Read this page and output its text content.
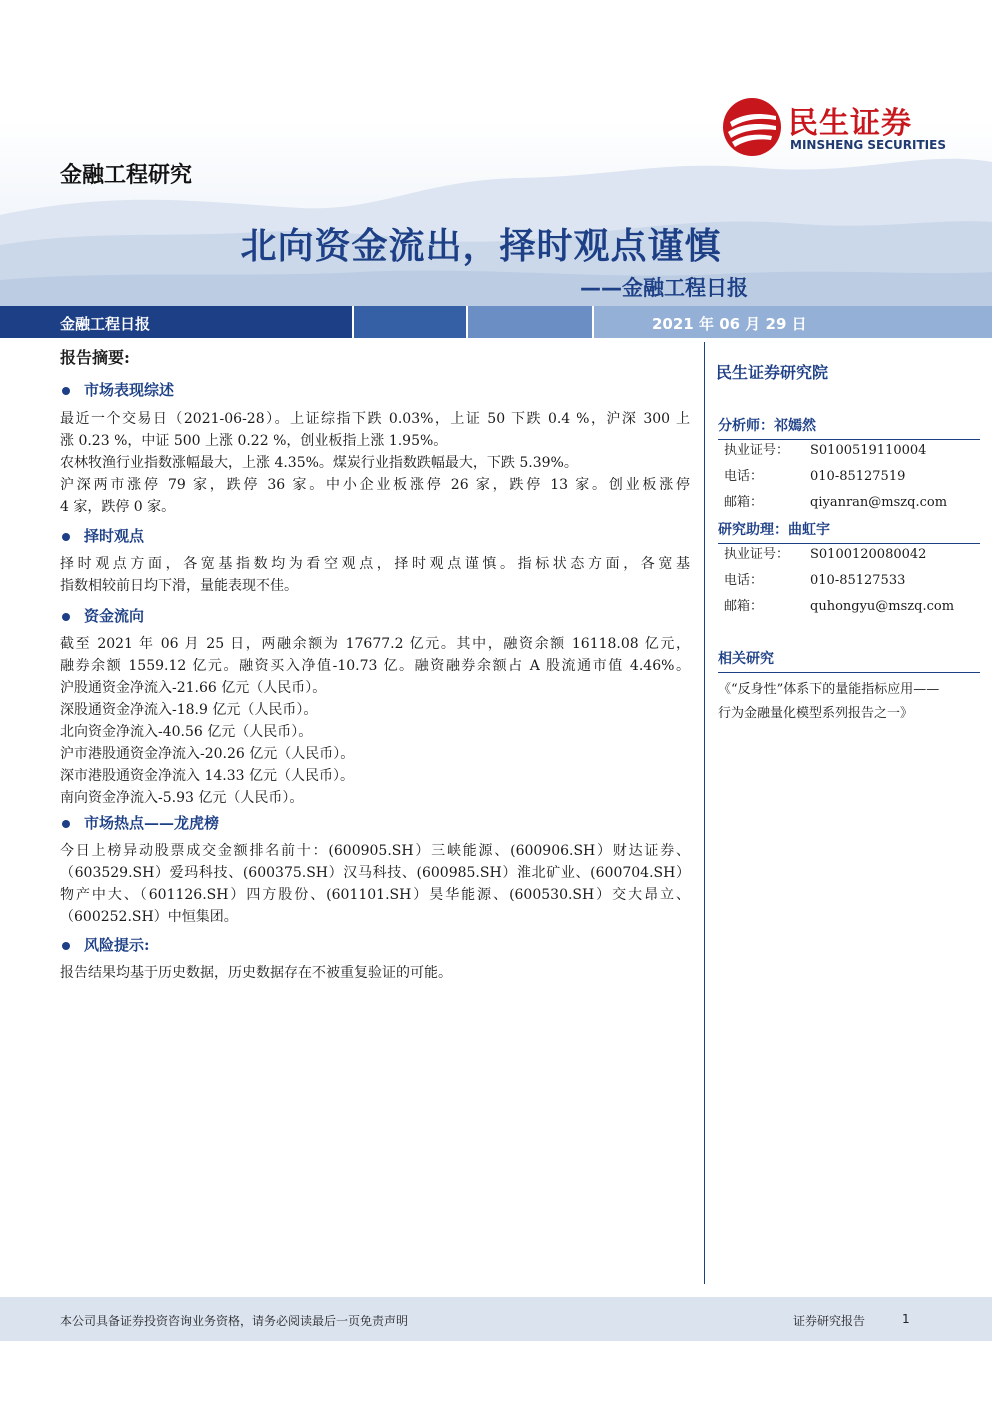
民生证券
MINSHENG SECURITIES
金融工程研究
北向资金流出，择时观点谨慎
——金融工程日报
金融工程日报	2021 年 06 月 29 日
报告摘要:
市场表现综述
最近一个交易日（2021-06-28）。上证综指下跌 0.03%，上证 50 下跌 0.4 %，沪深 300 上
涨 0.23 %，中证 500 上涨 0.22 %，创业板指上涨 1.95%。
农林牧渔行业指数涨幅最大，上涨 4.35%。煤炭行业指数跌幅最大，下跌 5.39%。
沪深两市涨停 79 家，跌停 36 家。中小企业板涨停 26 家，跌停 13 家。创业板涨停
4 家，跌停 0 家。
择时观点
择时观点方面，各宽基指数均为看空观点，择时观点谨慎。指标状态方面，各宽基
指数相较前日均下滑，量能表现不佳。
资金流向
截至 2021 年 06 月 25 日，两融余额为 17677.2 亿元。其中，融资余额 16118.08 亿元，
融券余额 1559.12 亿元。融资买入净值-10.73 亿。融资融券余额占 A 股流通市值 4.46%。
沪股通资金净流入-21.66 亿元（人民币）。
深股通资金净流入-18.9 亿元（人民币）。
北向资金净流入-40.56 亿元（人民币）。
沪市港股通资金净流入-20.26 亿元（人民币）。
深市港股通资金净流入 14.33 亿元（人民币）。
南向资金净流入-5.93 亿元（人民币）。
市场热点——龙虎榜
今日上榜异动股票成交金额排名前十：(600905.SH）三峡能源、(600906.SH）财达证券、
（603529.SH）爱玛科技、(600375.SH）汉马科技、(600985.SH）淮北矿业、(600704.SH）
物产中大、（601126.SH）四方股份、(601101.SH）昊华能源、(600530.SH）交大昂立、
（600252.SH）中恒集团。
风险提示:
报告结果均基于历史数据，历史数据存在不被重复验证的可能。
民生证券研究院
分析师：祁嫣然
执业证号： S0100519110004
电话：	010-85127519
邮箱：	qiyanran@mszq.com
研究助理：曲虹宇
执业证号： S0100120080042
电话：	010-85127533
邮箱：	quhongyu@mszq.com
相关研究
《“反身性”体系下的量能指标应用——
行为金融量化模型系列报告之一》
本公司具备证券投资咨询业务资格，请务必阅读最后一页免责声明	证券研究报告	1
